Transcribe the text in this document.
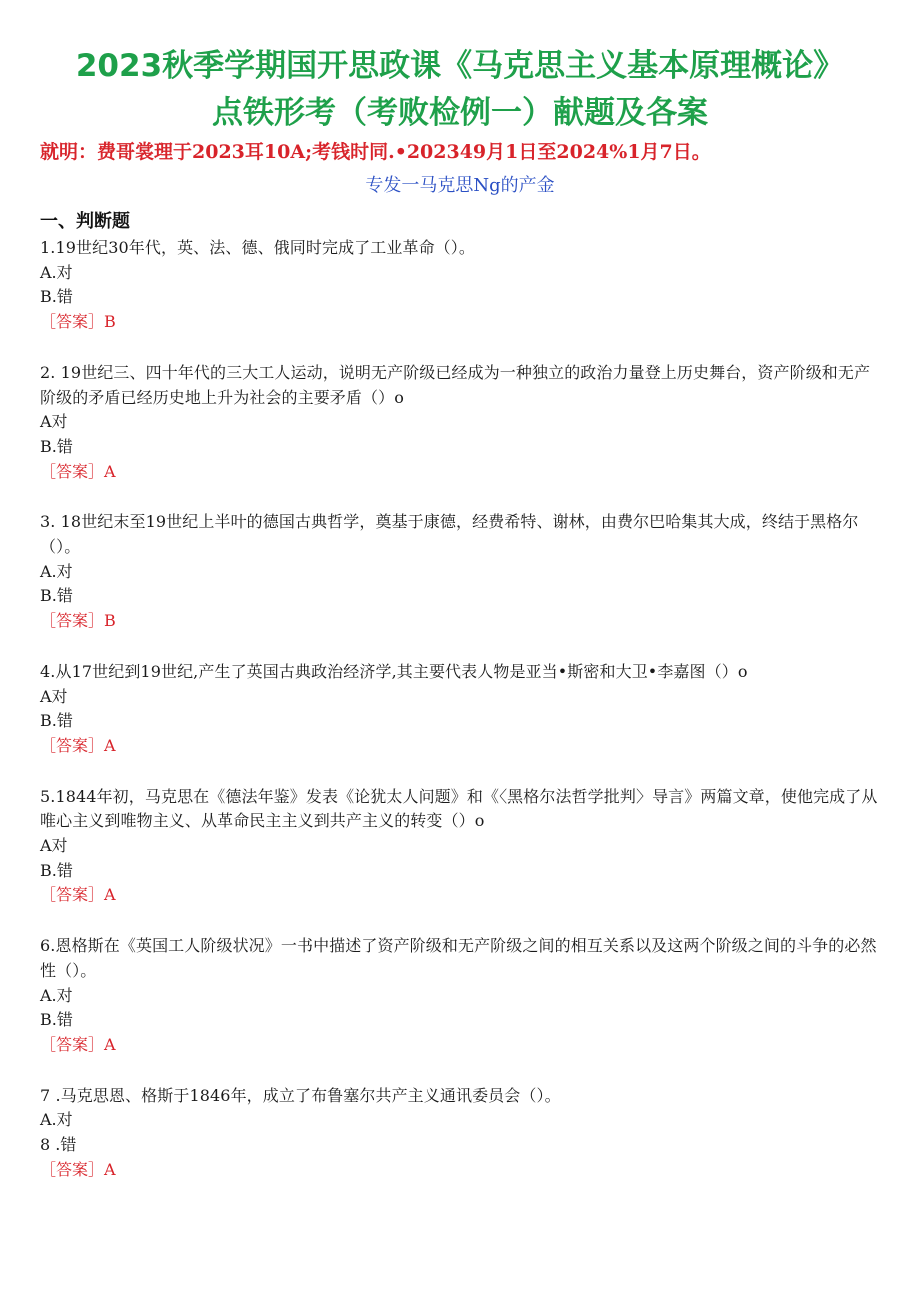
2023秋季学期国开思政课《马克思主义基本原理概论》
点铁形考（考败检例一）献题及各案
就明：费哥裳理于2023耳10A;考钱时同.•202349月1日至2024%1月7日。
专发一马克思Ng的产金
一、判断题

1.19世纪30年代，英、法、德、俄同时完成了工业革命（）。

A.对

B.错

［答案］B

2. 19世纪三、四十年代的三大工人运动，说明无产阶级已经成为一种独立的政治力量登上历史舞台，资产阶级和无产阶级的矛盾已经历史地上升为社会的主要矛盾（）o

A对

B.错

［答案］A

3. 18世纪末至19世纪上半叶的德国古典哲学，奠基于康德，经费希特、谢林，由费尔巴哈集其大成，终结于黑格尔（）。

A.对

B.错

［答案］B

4.从17世纪到19世纪,产生了英国古典政治经济学,其主要代表人物是亚当•斯密和大卫•李嘉图（）o

A对

B.错

［答案］A

5.1844年初，马克思在《德法年鉴》发表《论犹太人问题》和《〈黑格尔法哲学批判〉导言》两篇文章，使他完成了从唯心主义到唯物主义、从革命民主主义到共产主义的转变（）o

A对

B.错

［答案］A

6.恩格斯在《英国工人阶级状况》一书中描述了资产阶级和无产阶级之间的相互关系以及这两个阶级之间的斗争的必然性（）。

A.对

B.错

［答案］A

7 .马克思恩、格斯于1846年，成立了布鲁塞尔共产主义通讯委员会（）。

A.对

8 .错

［答案］A
